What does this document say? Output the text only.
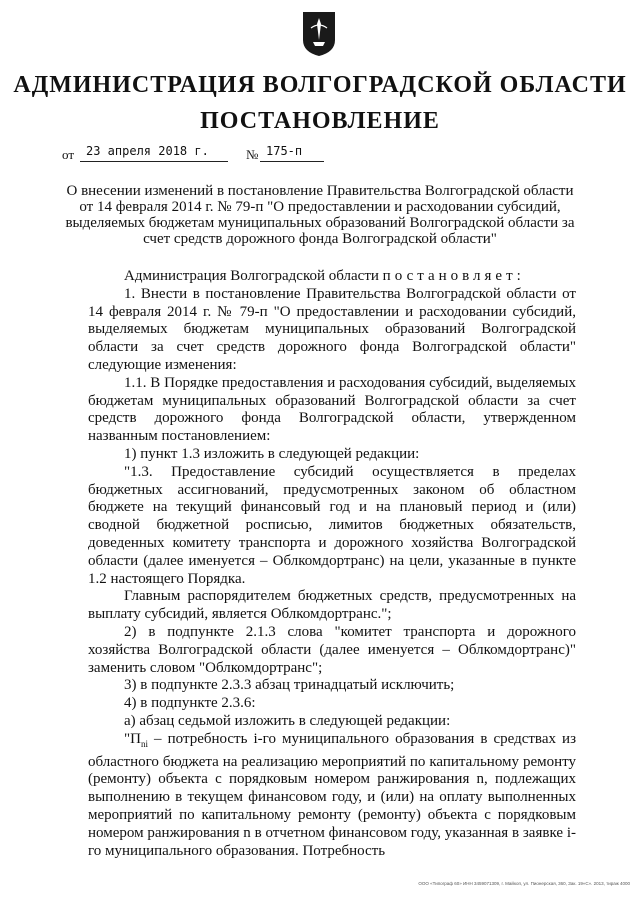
АДМИНИСТРАЦИЯ ВОЛГОГРАДСКОЙ ОБЛАСТИ
ПОСТАНОВЛЕНИЕ
от 23 апреля 2018 г.	№ 175-п
О внесении изменений в постановление Правительства Волгоградской области от 14 февраля 2014 г. № 79-п "О предоставлении и расходовании субсидий, выделяемых бюджетам муниципальных образований Волгоградской области за счет средств дорожного фонда Волгоградской области"

Администрация Волгоградской области постановляет:

1. Внести в постановление Правительства Волгоградской области от 14 февраля 2014 г. № 79-п "О предоставлении и расходовании субсидий, выделяемых бюджетам муниципальных образований Волгоградской области за счет средств дорожного фонда Волгоградской области" следующие изменения:

1.1. В Порядке предоставления и расходования субсидий, выделяемых бюджетам муниципальных образований Волгоградской области за счет средств дорожного фонда Волгоградской области, утвержденном названным постановлением:

1) пункт 1.3 изложить в следующей редакции:

"1.3. Предоставление субсидий осуществляется в пределах бюджетных ассигнований, предусмотренных законом об областном бюджете на текущий финансовый год и на плановый период и (или) сводной бюджетной росписью, лимитов бюджетных обязательств, доведенных комитету транспорта и дорожного хозяйства Волгоградской области (далее именуется – Облкомдортранс) на цели, указанные в пункте 1.2 настоящего Порядка.

Главным распорядителем бюджетных средств, предусмотренных на выплату субсидий, является Облкомдортранс.";

2) в подпункте 2.1.3 слова "комитет транспорта и дорожного хозяйства Волгоградской области (далее именуется – Облкомдортранс)" заменить словом "Облкомдортранс";

3) в подпункте 2.3.3 абзац тринадцатый исключить;

4) в подпункте 2.3.6:

а) абзац седьмой изложить в следующей редакции:

"$П_{ni}$ – потребность i-го муниципального образования в средствах из областного бюджета на реализацию мероприятий по капитальному ремонту (ремонту) объекта с порядковым номером ранжирования n, подлежащих выполнению в текущем финансовом году, и (или) на оплату выполненных мероприятий по капитальному ремонту (ремонту) объекта с порядковым номером ранжирования n в отчетном финансовом году, указанная в заявке i-го муниципального образования. Потребность

ООО «Типограф 60» ИНН 3459071309, г. Майкоп, ул. Пионерская, 360, Зак. 19«С». 2013, тираж 4000
